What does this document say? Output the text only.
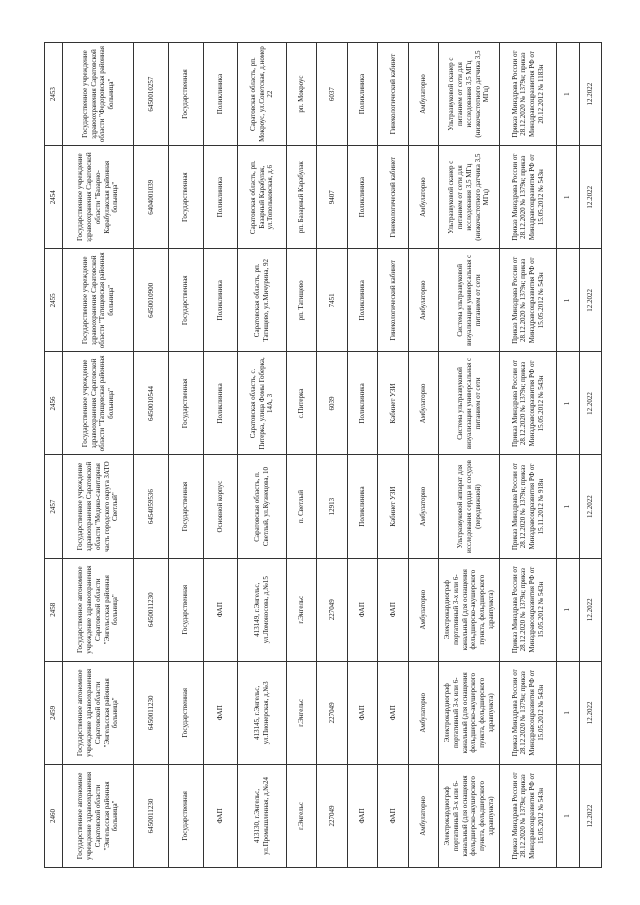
2460	2459	2458	2457	2456	2455	2454	2453
Государственное автономное учреждение здравоохранения Саратовской области "Энгельсская районная больница"	Государственное автономное учреждение здравоохранения Саратовской области "Энгельсская районная больница"	Государственное автономное учреждение здравоохранения Саратовской области "Энгельсская районная больница"	Государственное учреждение здравоохранения Саратовской области "Медико-санитарная часть городского округа ЗАТО Светлый"	Государственное учреждение здравоохранения Саратовской области "Татищевская районная больница"	Государственное учреждение здравоохранения Саратовской области "Татищевская районная больница"	Государственное учреждение здравоохранения Саратовской области "Базарно-Карабулакская районная больница"	Государственное учреждение здравоохранения Саратовской области "Федоровская районная больница"
6450011230	6450011230	6450011230	6454059536	6450010544	6450010900	6404001039	6450010257
Государственная	Государственная	Государственная	Государственная	Государственная	Государственная	Государственная	Государственная
ФАП	ФАП	ФАП	Основной корпус	Поликлиника	Поликлиника	Поликлиника	Поликлиника
413130, г.Энгельс, ул.Промышленная, д.№24	413145, г.Энгельс, ул.Пионерская, д.№3	413149, г.Энгельс, ул.Ломоносова, д.№15	Саратовская область, п. Светлый, ул.Кузнецова, 10	Саратовская область, с. Питерка, улица Фомы Гоберка, 14А, 3	Саратовская область, рп. Татищево, ул.Мичурина, 92	Саратовская область, рп. Базарный Карабулак, ул.Топольковская, д.6	Саратовская область, рп. Мокроус, ул.Советская, д.номер 22
г.Энгельс	г.Энгельс	г.Энгельс	п. Светлый	с.Питерка	рп. Татищево	рп. Базарный Карабулак	рп. Мокроус
227049	227049	227049	12913	6039	7451	9407	6037
ФАП	ФАП	ФАП	Поликлиника	Поликлиника	Поликлиника	Поликлиника	Поликлиника
ФАП	ФАП	ФАП	Кабинет УЗИ	Кабинет УЗИ	Гинекологический кабинет	Гинекологический кабинет	Гинекологический кабинет
Амбулаторно	Амбулаторно	Амбулаторно	Амбулаторно	Амбулаторно	Амбулаторно	Амбулаторно	Амбулаторно
Электрокардиограф портативный 3-х или 6-канальный (для оснащения фельдшерско-акушерского пункта, фельдшерского здравпункта)	Электрокардиограф портативный 3-х или 6-канальный (для оснащения фельдшерско-акушерского пункта, фельдшерского здравпункта)	Электрокардиограф портативный 3-х или 6-канальный (для оснащения фельдшерско-акушерского пункта, фельдшерского здравпункта)	Ультразвуковой аппарат для исследования сердца и сосудов (передвижной)	Система ультразвуковой визуализации универсальная с питанием от сети	Система ультразвуковой визуализации универсальная с питанием от сети	Ультразвуковой сканер с питанием от сети для исследования 3,5 МГц (низкочастотного датчика 3,5 МГц)	Ультразвуковой сканер с питанием от сети для исследования 3,5 МГц (низкочастотного датчика 3,5 МГц)
Приказ Минздрава России от 28.12.2020 № 1379н; приказ Минздравсоцразвития РФ от 15.05.2012 № 543н	Приказ Минздрава России от 28.12.2020 № 1379н; приказ Минздравсоцразвития РФ от 15.05.2012 № 543н	Приказ Минздрава России от 28.12.2020 № 1379н; приказ Минздравсоцразвития РФ от 15.05.2012 № 543н	Приказ Минздрава России от 28.12.2020 № 1379н; приказ Минздравсоцразвития РФ от 15.11.2012 № 918н	Приказ Минздрава России от 28.12.2020 № 1379н; приказ Минздравсоцразвития РФ от 15.05.2012 № 543н	Приказ Минздрава России от 28.12.2020 № 1379н; приказ Минздравсоцразвития РФ от 15.05.2012 № 543н	Приказ Минздрава России от 28.12.2020 № 1379н; приказ Минздравсоцразвития РФ от 15.05.2012 № 543н	Приказ Минздрава России от 28.12.2020 № 1379н; приказ Минздравсоцразвития РФ от 20.12.2012 № 1183н
1	1	1	1	1	1	1	1
12.2022	12.2022	12.2022	12.2022	12.2022	12.2022	12.2022	12.2022
